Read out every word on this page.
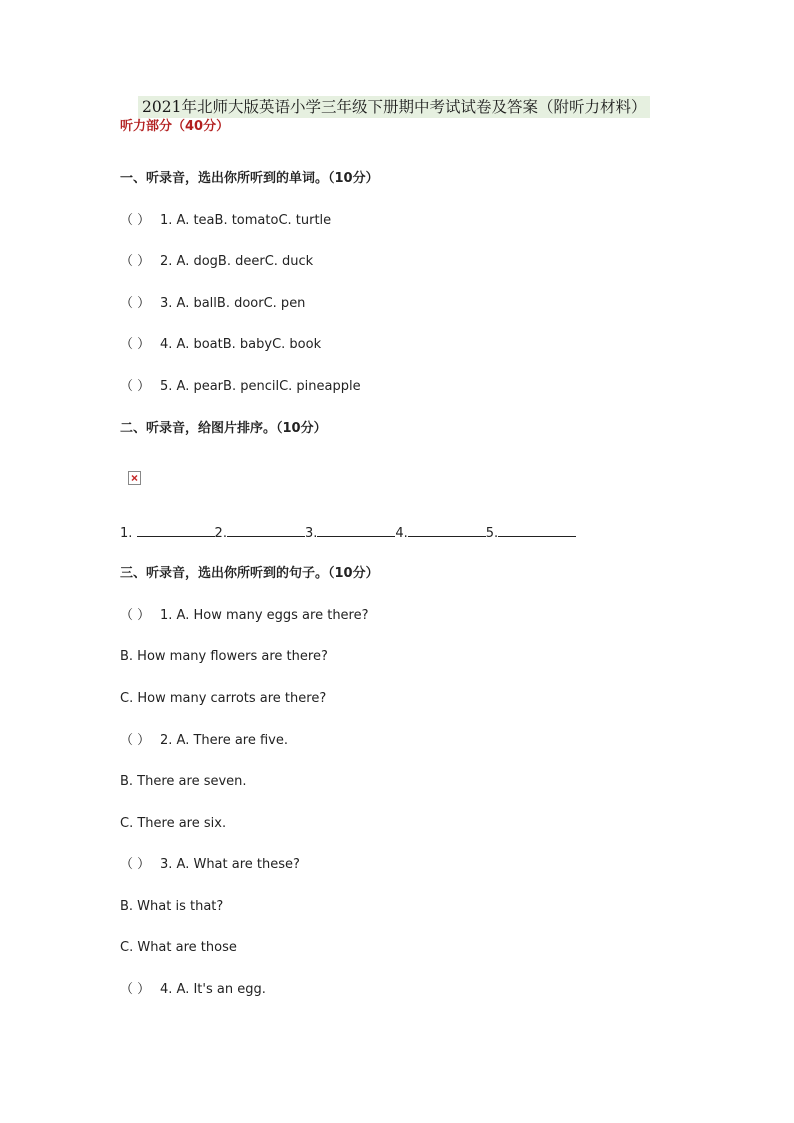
2021年北师大版英语小学三年级下册期中考试试卷及答案（附听力材料）
听力部分（40分）
一、听录音，选出你所听到的单词。（10分）
（ ） 1. A. teaB. tomatoC. turtle
（ ） 2. A. dogB. deerC. duck
（ ） 3. A. ballB. doorC. pen
（ ） 4. A. boatB. babyC. book
（ ） 5. A. pearB. pencilC. pineapple
二、听录音，给图片排序。（10分）
1.	2.	3.	4.	5.
三、听录音，选出你所听到的句子。（10分）
（ ） 1. A. How many eggs are there?
B. How many flowers are there?
C. How many carrots are there?
（ ） 2. A. There are five.
B. There are seven.
C. There are six.
（ ） 3. A. What are these?
B. What is that?
C. What are those
（ ） 4. A. It's an egg.
